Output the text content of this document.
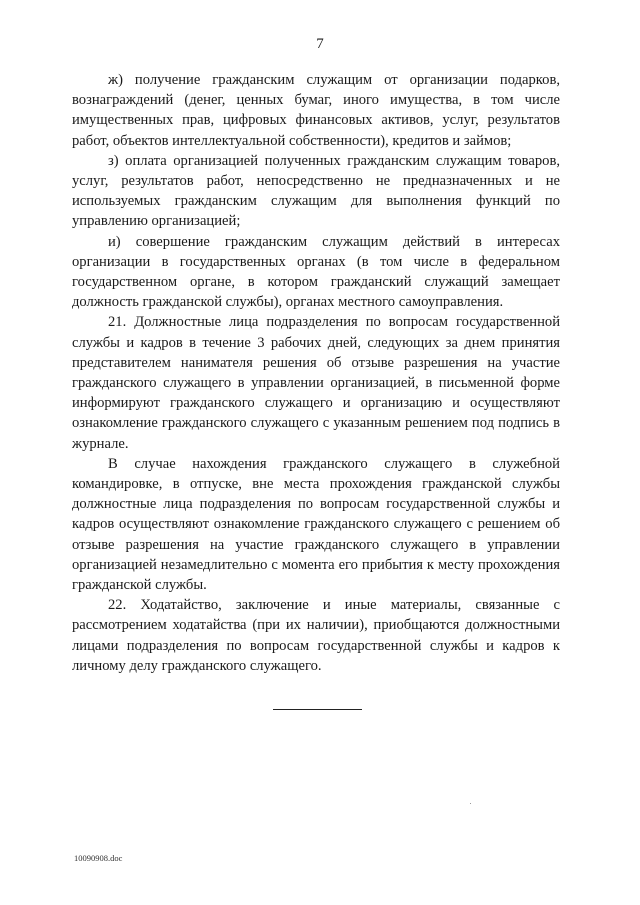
7

ж) получение гражданским служащим от организации подарков, вознаграждений (денег, ценных бумаг, иного имущества, в том числе имущественных прав, цифровых финансовых активов, услуг, результатов работ, объектов интеллектуальной собственности), кредитов и займов;

з) оплата организацией полученных гражданским служащим товаров, услуг, результатов работ, непосредственно не предназначенных и не используемых гражданским служащим для выполнения функций по управлению организацией;

и) совершение гражданским служащим действий в интересах организации в государственных органах (в том числе в федеральном государственном органе, в котором гражданский служащий замещает должность гражданской службы), органах местного самоуправления.

21. Должностные лица подразделения по вопросам государственной службы и кадров в течение 3 рабочих дней, следующих за днем принятия представителем нанимателя решения об отзыве разрешения на участие гражданского служащего в управлении организацией, в письменной форме информируют гражданского служащего и организацию и осуществляют ознакомление гражданского служащего с указанным решением под подпись в журнале.

В случае нахождения гражданского служащего в служебной командировке, в отпуске, вне места прохождения гражданской службы должностные лица подразделения по вопросам государственной службы и кадров осуществляют ознакомление гражданского служащего с решением об отзыве разрешения на участие гражданского служащего в управлении организацией незамедлительно с момента его прибытия к месту прохождения гражданской службы.

22. Ходатайство, заключение и иные материалы, связанные с рассмотрением ходатайства (при их наличии), приобщаются должностными лицами подразделения по вопросам государственной службы и кадров к личному делу гражданского служащего.

10090908.doc
